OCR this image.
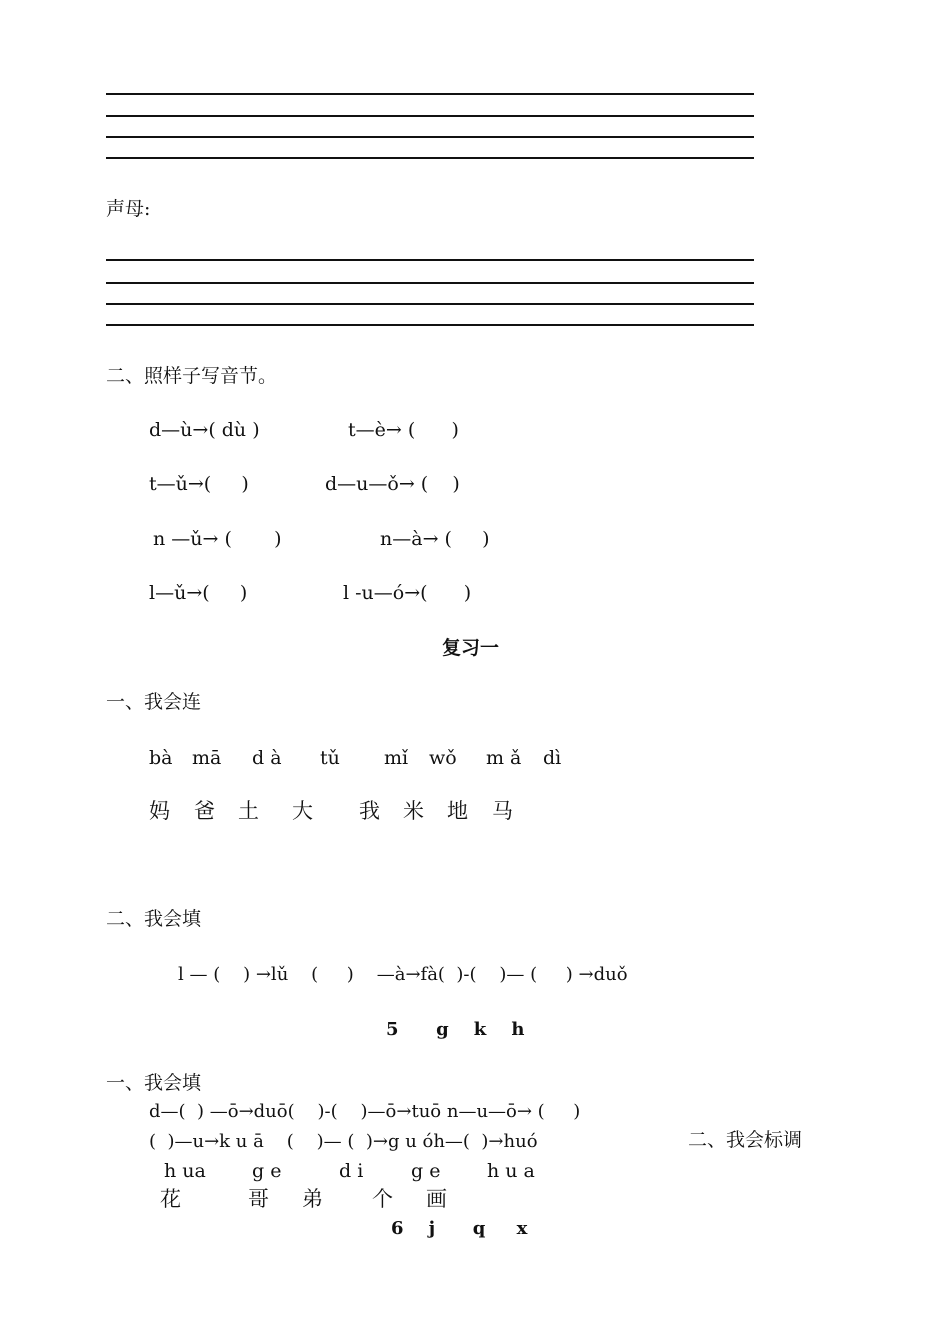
声母:
二、照样子写音节。
d—ù→( dù )	t—è→ (      )
t—ǔ→(     )	d—u—ǒ→ (    )
n —ǔ→ (       )	n—à→ (     )
l—ǔ→(     )	l -u—ó→(      )
复习一
一、我会连
bà mā d à tǔ mǐ wǒ m ǎ dì
妈 爸 土 大 我 米 地 马
二、我会填
l — (    ) →lǔ    (     )    —à→fà(  )-(    )— (     ) →duǒ
5      g    k    h
一、我会填
d—(  ) —ō→duō(    )-(    )—ō→tuō n—u—ō→ (     )
(  )—u→k u ā    (    )— (  )→g u óh—(  )→huó	二、我会标调
h ua g e	d i	g e h u a
花	哥 弟 个 画
6    j      q     x
